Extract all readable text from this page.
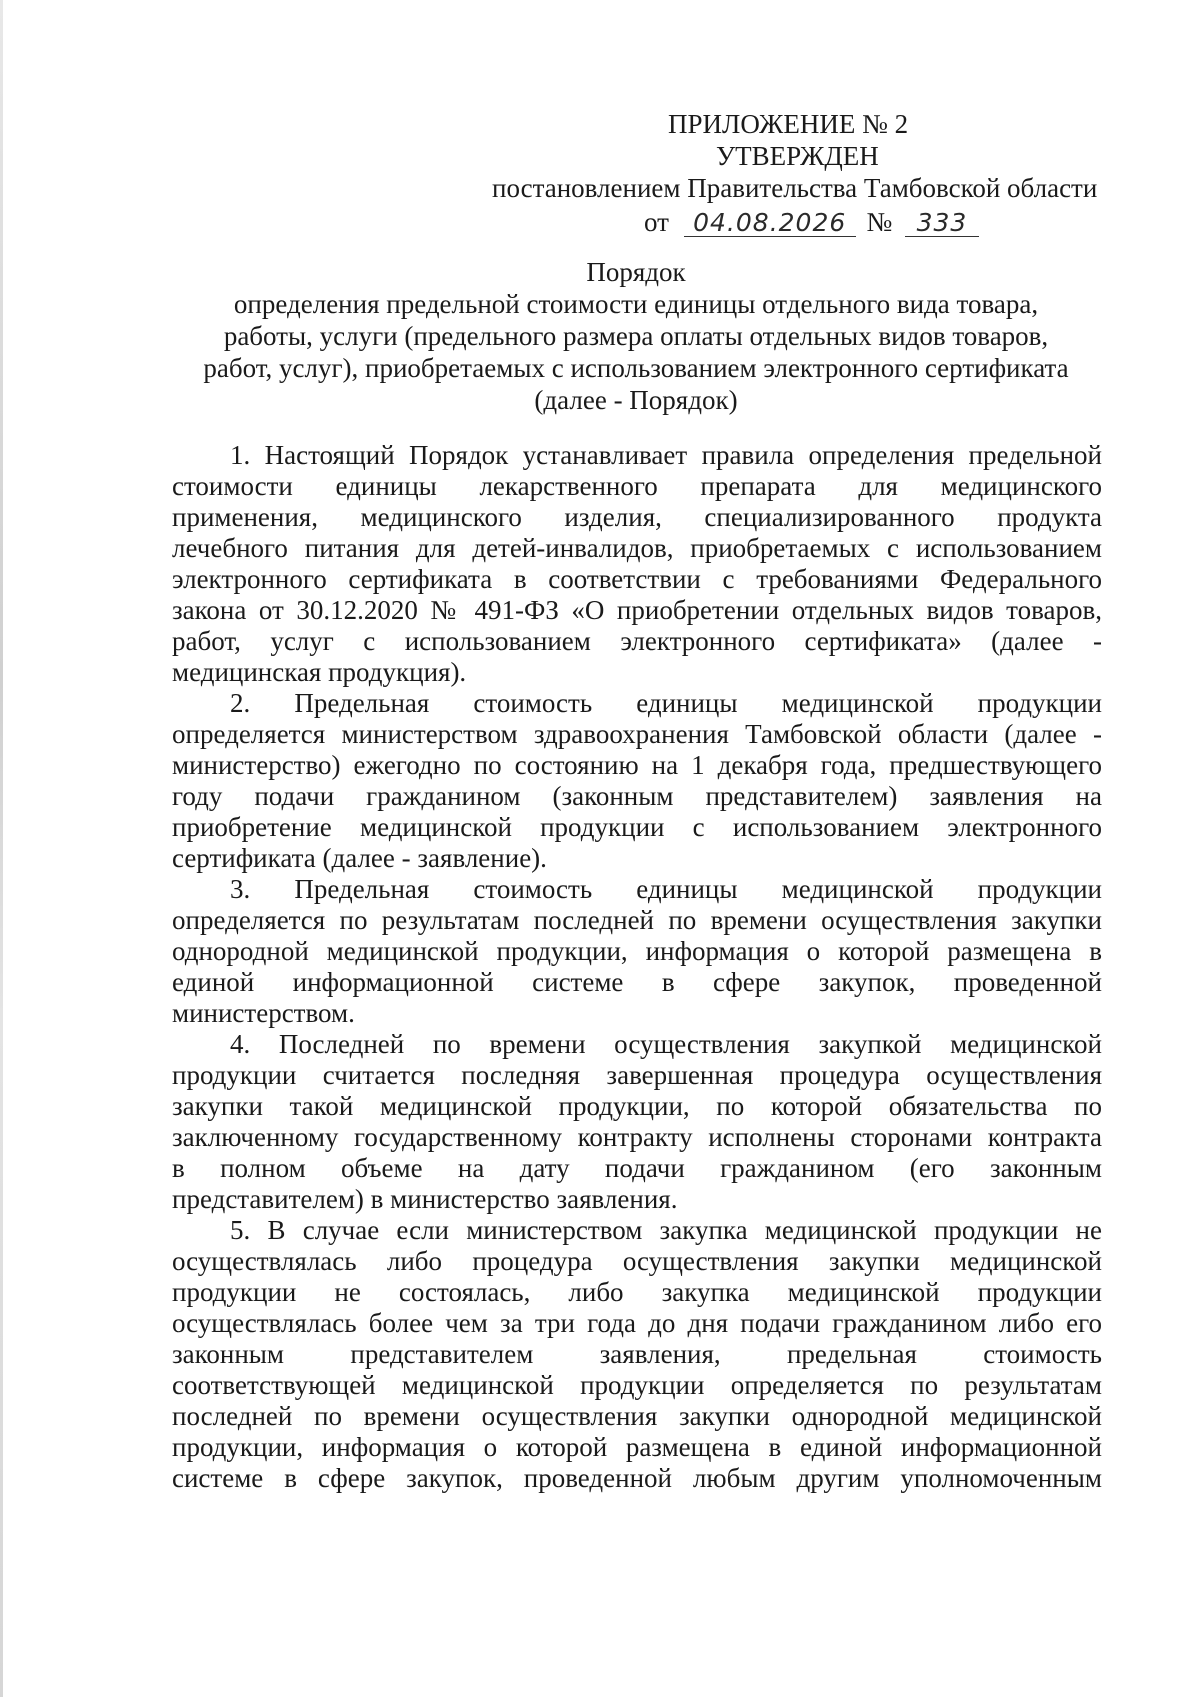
ПРИЛОЖЕНИЕ № 2
УТВЕРЖДЕН
постановлением Правительства Тамбовской области
от 04.08.2026 № 333
Порядок
определения предельной стоимости единицы отдельного вида товара,
работы, услуги (предельного размера оплаты отдельных видов товаров,
работ, услуг), приобретаемых с использованием электронного сертификата
(далее - Порядок)
1. Настоящий Порядок устанавливает правила определения предельной
стоимости единицы лекарственного препарата для медицинского
применения, медицинского изделия, специализированного продукта
лечебного питания для детей-инвалидов, приобретаемых с использованием
электронного сертификата в соответствии с требованиями Федерального
закона от 30.12.2020 № 491-ФЗ «О приобретении отдельных видов товаров,
работ, услуг с использованием электронного сертификата» (далее -
медицинская продукция).
2. Предельная стоимость единицы медицинской продукции
определяется министерством здравоохранения Тамбовской области (далее -
министерство) ежегодно по состоянию на 1 декабря года, предшествующего
году подачи гражданином (законным представителем) заявления на
приобретение медицинской продукции с использованием электронного
сертификата (далее - заявление).
3. Предельная стоимость единицы медицинской продукции
определяется по результатам последней по времени осуществления закупки
однородной медицинской продукции, информация о которой размещена в
единой информационной системе в сфере закупок, проведенной
министерством.
4. Последней по времени осуществления закупкой медицинской
продукции считается последняя завершенная процедура осуществления
закупки такой медицинской продукции, по которой обязательства по
заключенному государственному контракту исполнены сторонами контракта
в полном объеме на дату подачи гражданином (его законным
представителем) в министерство заявления.
5. В случае если министерством закупка медицинской продукции не
осуществлялась либо процедура осуществления закупки медицинской
продукции не состоялась, либо закупка медицинской продукции
осуществлялась более чем за три года до дня подачи гражданином либо его
законным представителем заявления, предельная стоимость
соответствующей медицинской продукции определяется по результатам
последней по времени осуществления закупки однородной медицинской
продукции, информация о которой размещена в единой информационной
системе в сфере закупок, проведенной любым другим уполномоченным
